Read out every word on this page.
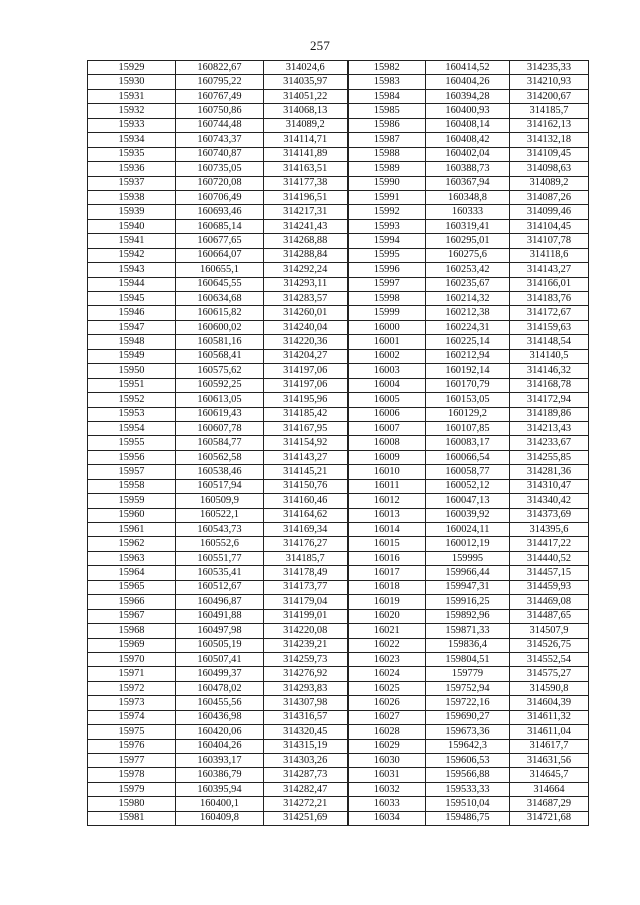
257
15929	160822,67	314024,6	15982	160414,52	314235,33
15930	160795,22	314035,97	15983	160404,26	314210,93
15931	160767,49	314051,22	15984	160394,28	314200,67
15932	160750,86	314068,13	15985	160400,93	314185,7
15933	160744,48	314089,2	15986	160408,14	314162,13
15934	160743,37	314114,71	15987	160408,42	314132,18
15935	160740,87	314141,89	15988	160402,04	314109,45
15936	160735,05	314163,51	15989	160388,73	314098,63
15937	160720,08	314177,38	15990	160367,94	314089,2
15938	160706,49	314196,51	15991	160348,8	314087,26
15939	160693,46	314217,31	15992	160333	314099,46
15940	160685,14	314241,43	15993	160319,41	314104,45
15941	160677,65	314268,88	15994	160295,01	314107,78
15942	160664,07	314288,84	15995	160275,6	314118,6
15943	160655,1	314292,24	15996	160253,42	314143,27
15944	160645,55	314293,11	15997	160235,67	314166,01
15945	160634,68	314283,57	15998	160214,32	314183,76
15946	160615,82	314260,01	15999	160212,38	314172,67
15947	160600,02	314240,04	16000	160224,31	314159,63
15948	160581,16	314220,36	16001	160225,14	314148,54
15949	160568,41	314204,27	16002	160212,94	314140,5
15950	160575,62	314197,06	16003	160192,14	314146,32
15951	160592,25	314197,06	16004	160170,79	314168,78
15952	160613,05	314195,96	16005	160153,05	314172,94
15953	160619,43	314185,42	16006	160129,2	314189,86
15954	160607,78	314167,95	16007	160107,85	314213,43
15955	160584,77	314154,92	16008	160083,17	314233,67
15956	160562,58	314143,27	16009	160066,54	314255,85
15957	160538,46	314145,21	16010	160058,77	314281,36
15958	160517,94	314150,76	16011	160052,12	314310,47
15959	160509,9	314160,46	16012	160047,13	314340,42
15960	160522,1	314164,62	16013	160039,92	314373,69
15961	160543,73	314169,34	16014	160024,11	314395,6
15962	160552,6	314176,27	16015	160012,19	314417,22
15963	160551,77	314185,7	16016	159995	314440,52
15964	160535,41	314178,49	16017	159966,44	314457,15
15965	160512,67	314173,77	16018	159947,31	314459,93
15966	160496,87	314179,04	16019	159916,25	314469,08
15967	160491,88	314199,01	16020	159892,96	314487,65
15968	160497,98	314220,08	16021	159871,33	314507,9
15969	160505,19	314239,21	16022	159836,4	314526,75
15970	160507,41	314259,73	16023	159804,51	314552,54
15971	160499,37	314276,92	16024	159779	314575,27
15972	160478,02	314293,83	16025	159752,94	314590,8
15973	160455,56	314307,98	16026	159722,16	314604,39
15974	160436,98	314316,57	16027	159690,27	314611,32
15975	160420,06	314320,45	16028	159673,36	314611,04
15976	160404,26	314315,19	16029	159642,3	314617,7
15977	160393,17	314303,26	16030	159606,53	314631,56
15978	160386,79	314287,73	16031	159566,88	314645,7
15979	160395,94	314282,47	16032	159533,33	314664
15980	160400,1	314272,21	16033	159510,04	314687,29
15981	160409,8	314251,69	16034	159486,75	314721,68
